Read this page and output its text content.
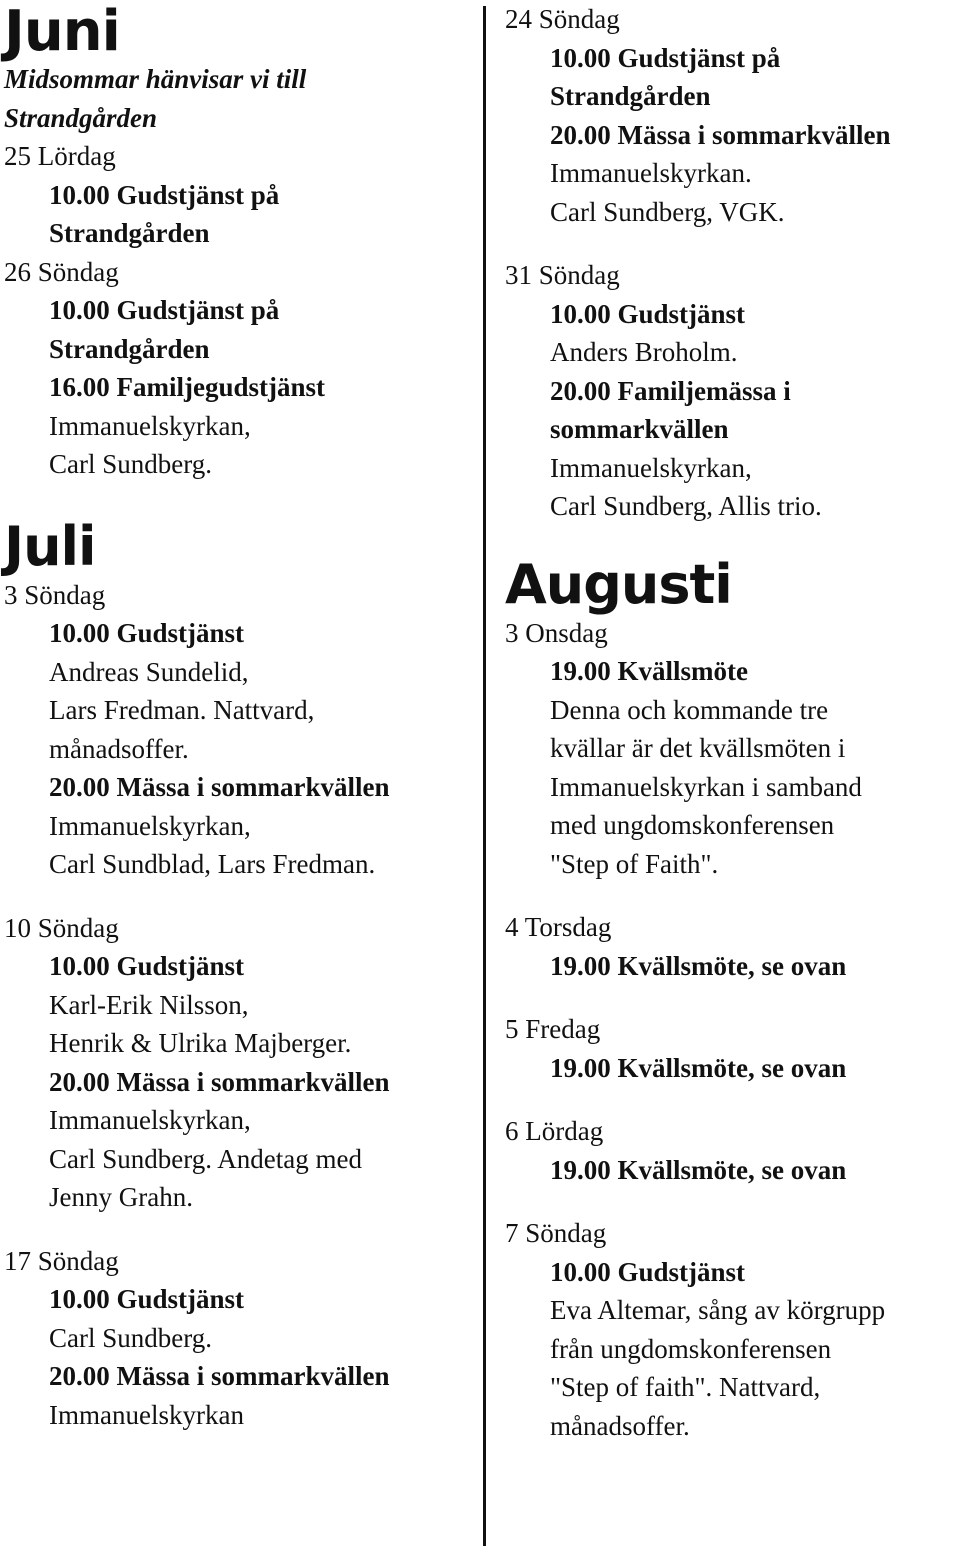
Juni
Midsommar hänvisar vi till
Strandgården
25 Lördag
10.00 Gudstjänst på
Strandgården
26 Söndag
10.00 Gudstjänst på
Strandgården
16.00 Familjegudstjänst
Immanuelskyrkan,
Carl Sundberg.
Juli
3 Söndag
10.00 Gudstjänst
Andreas Sundelid,
Lars Fredman. Nattvard,
månadsoffer.
20.00 Mässa i sommarkvällen
Immanuelskyrkan,
Carl Sundblad, Lars Fredman.
10 Söndag
10.00 Gudstjänst
Karl-Erik Nilsson,
Henrik & Ulrika Majberger.
20.00 Mässa i sommarkvällen
Immanuelskyrkan,
Carl Sundberg. Andetag med
Jenny Grahn.
17 Söndag
10.00 Gudstjänst
Carl Sundberg.
20.00 Mässa i sommarkvällen
Immanuelskyrkan
24 Söndag
10.00 Gudstjänst på
Strandgården
20.00 Mässa i sommarkvällen
Immanuelskyrkan.
Carl Sundberg, VGK.
31 Söndag
10.00 Gudstjänst
Anders Broholm.
20.00 Familjemässa i
sommarkvällen
Immanuelskyrkan,
Carl Sundberg, Allis trio.
Augusti
3 Onsdag
19.00 Kvällsmöte
Denna och kommande tre
kvällar är det kvällsmöten i
Immanuelskyrkan i samband
med ungdomskonferensen
"Step of Faith".
4 Torsdag
19.00 Kvällsmöte, se ovan
5 Fredag
19.00 Kvällsmöte, se ovan
6 Lördag
19.00 Kvällsmöte, se ovan
7 Söndag
10.00 Gudstjänst
Eva Altemar, sång av körgrupp
från ungdomskonferensen
"Step of faith". Nattvard,
månadsoffer.
